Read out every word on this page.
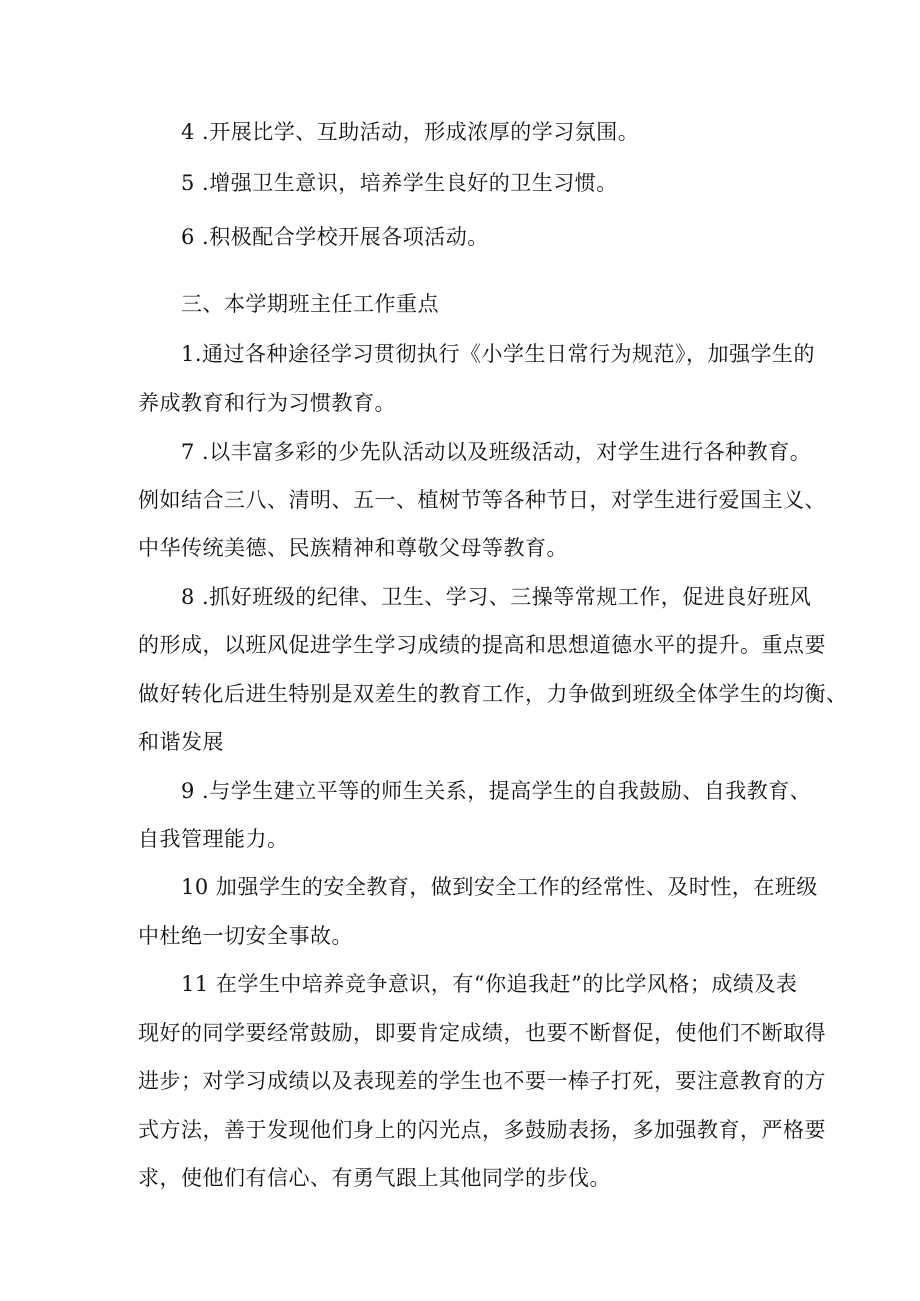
4 .开展比学、互助活动，形成浓厚的学习氛围。
5 .增强卫生意识，培养学生良好的卫生习惯。
6 .积极配合学校开展各项活动。
三、本学期班主任工作重点
1.通过各种途径学习贯彻执行《小学生日常行为规范》，加强学生的
养成教育和行为习惯教育。
7 .以丰富多彩的少先队活动以及班级活动，对学生进行各种教育。
例如结合三八、清明、五一、植树节等各种节日，对学生进行爱国主义、
中华传统美德、民族精神和尊敬父母等教育。
8 .抓好班级的纪律、卫生、学习、三操等常规工作，促进良好班风
的形成，以班风促进学生学习成绩的提高和思想道德水平的提升。重点要
做好转化后进生特别是双差生的教育工作，力争做到班级全体学生的均衡、
和谐发展
9 .与学生建立平等的师生关系，提高学生的自我鼓励、自我教育、
自我管理能力。
10 加强学生的安全教育，做到安全工作的经常性、及时性，在班级
中杜绝一切安全事故。
11 在学生中培养竞争意识，有“你追我赶”的比学风格；成绩及表
现好的同学要经常鼓励，即要肯定成绩，也要不断督促，使他们不断取得
进步；对学习成绩以及表现差的学生也不要一棒子打死，要注意教育的方
式方法，善于发现他们身上的闪光点，多鼓励表扬，多加强教育，严格要
求，使他们有信心、有勇气跟上其他同学的步伐。
